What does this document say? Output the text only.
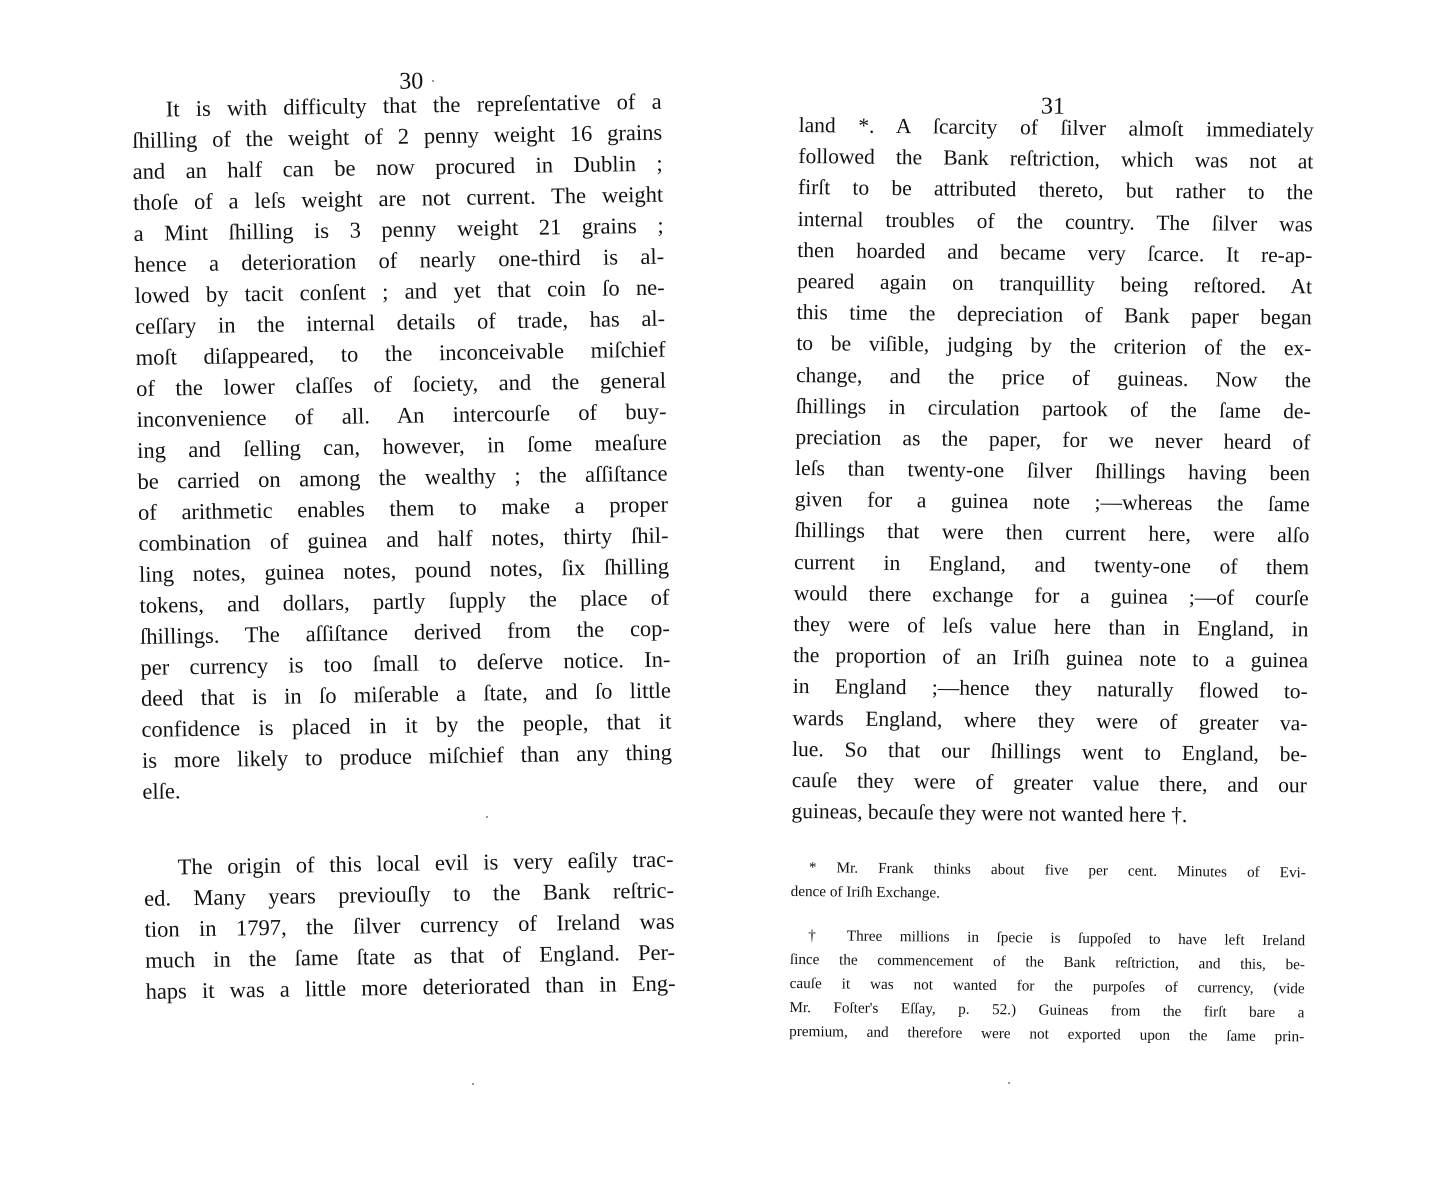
30
It is with difficulty that the repreſentative of a
ſhilling of the weight of 2 penny weight 16 grains
and an half can be now procured in Dublin ;
thoſe of a leſs weight are not current. The weight
a Mint ſhilling is 3 penny weight 21 grains ;
hence a deterioration of nearly one-third is al-
lowed by tacit conſent ; and yet that coin ſo ne-
ceſſary in the internal details of trade, has al-
moſt diſappeared, to the inconceivable miſchief
of the lower claſſes of ſociety, and the general
inconvenience of all. An intercourſe of buy-
ing and ſelling can, however, in ſome meaſure
be carried on among the wealthy ; the aſſiſtance
of arithmetic enables them to make a proper
combination of guinea and half notes, thirty ſhil-
ling notes, guinea notes, pound notes, ſix ſhilling
tokens, and dollars, partly ſupply the place of
ſhillings. The aſſiſtance derived from the cop-
per currency is too ſmall to deſerve notice. In-
deed that is in ſo miſerable a ſtate, and ſo little
confidence is placed in it by the people, that it
is more likely to produce miſchief than any thing
elſe.
The origin of this local evil is very eaſily trac-
ed. Many years previouſly to the Bank reſtric-
tion in 1797, the ſilver currency of Ireland was
much in the ſame ſtate as that of England. Per-
haps it was a little more deteriorated than in Eng-
31
land *. A ſcarcity of ſilver almoſt immediately
followed the Bank reſtriction, which was not at
firſt to be attributed thereto, but rather to the
internal troubles of the country. The ſilver was
then hoarded and became very ſcarce. It re-ap-
peared again on tranquillity being reſtored. At
this time the depreciation of Bank paper began
to be viſible, judging by the criterion of the ex-
change, and the price of guineas. Now the
ſhillings in circulation partook of the ſame de-
preciation as the paper, for we never heard of
leſs than twenty-one ſilver ſhillings having been
given for a guinea note ;—whereas the ſame
ſhillings that were then current here, were alſo
current in England, and twenty-one of them
would there exchange for a guinea ;—of courſe
they were of leſs value here than in England, in
the proportion of an Iriſh guinea note to a guinea
in England ;—hence they naturally flowed to-
wards England, where they were of greater va-
lue. So that our ſhillings went to England, be-
cauſe they were of greater value there, and our
guineas, becauſe they were not wanted here †.
* Mr. Frank thinks about five per cent. Minutes of Evi-
dence of Iriſh Exchange.
† Three millions in ſpecie is ſuppoſed to have left Ireland
ſince the commencement of the Bank reſtriction, and this, be-
cauſe it was not wanted for the purpoſes of currency, (vide
Mr. Foſter's Eſſay, p. 52.) Guineas from the firſt bare a
premium, and therefore were not exported upon the ſame prin-
